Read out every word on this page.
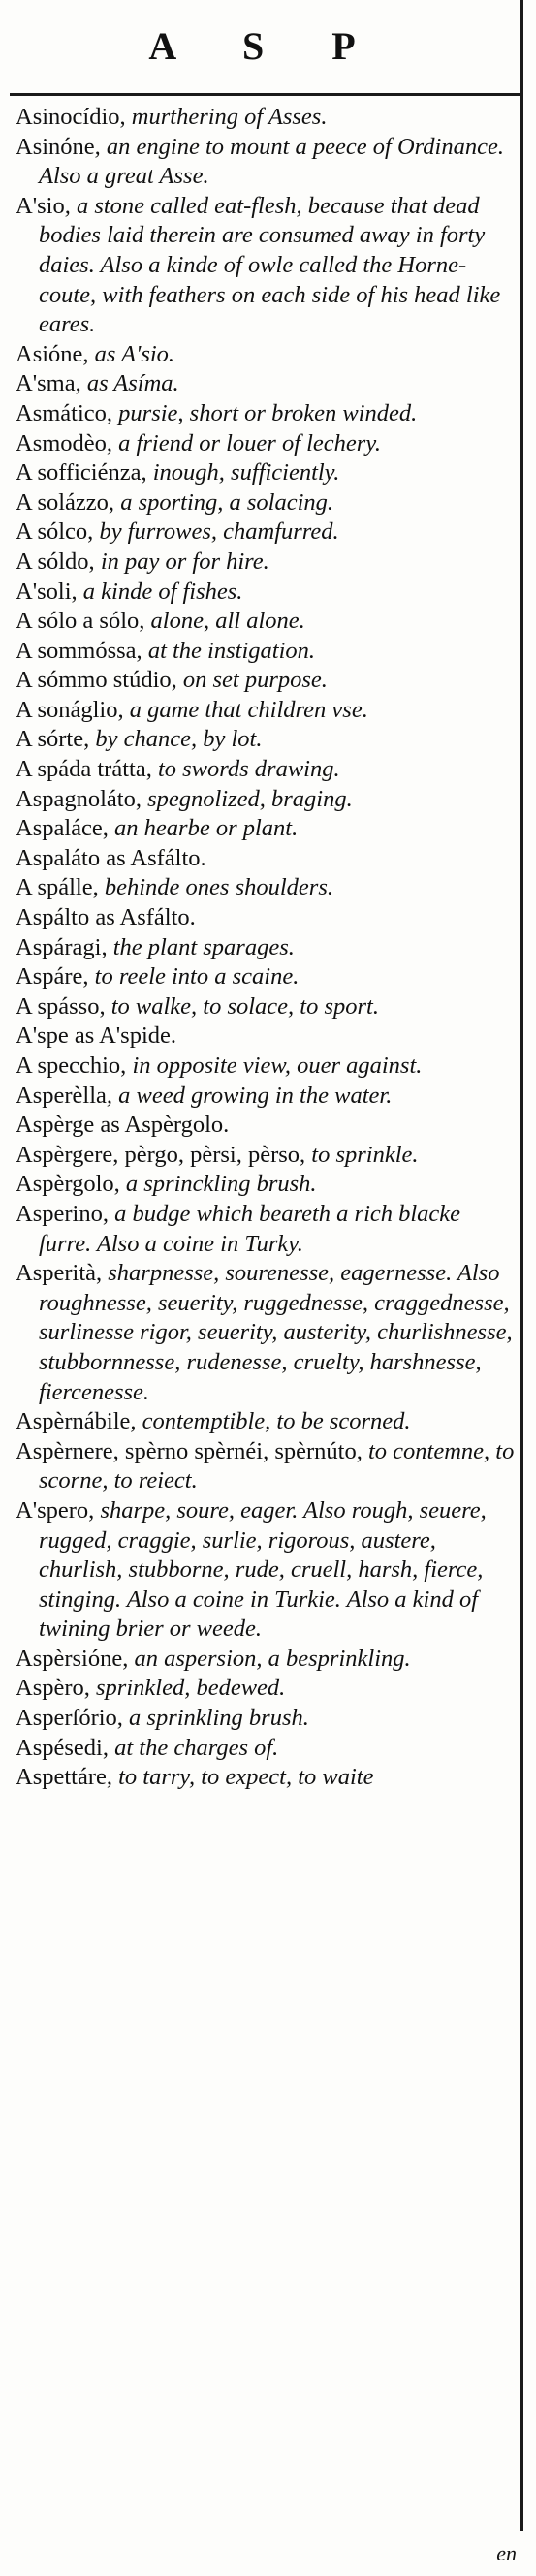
A S P
Asinocídio, murthering of Asses.
Asinóne, an engine to mount a peece of Ordinance. Also a great Asse.
A'sio, a stone called eat-flesh, because that dead bodies laid therein are consumed away in forty daies. Also a kinde of owle called the Horne-coute, with feathers on each side of his head like eares.
Asióne, as A'sio.
A'sma, as Asíma.
Asmático, pursie, short or broken winded.
Asmodèo, a friend or louer of lechery.
A sofficiénza, inough, sufficiently.
A solázzo, a sporting, a solacing.
A sólco, by furrowes, chamfurred.
A sóldo, in pay or for hire.
A'soli, a kinde of fishes.
A sólo a sólo, alone, all alone.
A sommóssa, at the instigation.
A sómmo stúdio, on set purpose.
A sonáglio, a game that children vse.
A sórte, by chance, by lot.
A spáda trátta, to swords drawing.
Aspagnoláto, spegnolized, braging.
Aspaláce, an hearbe or plant.
Aspaláto as Asfálto.
A spálle, behinde ones shoulders.
Aspálto as Asfálto.
Aspáragi, the plant sparages.
Aspáre, to reele into a scaine.
A spásso, to walke, to solace, to sport.
A'spe as A'spide.
A specchio, in opposite view, ouer against.
Asperèlla, a weed growing in the water.
Aspèrge as Aspèrgolo.
Aspèrgere, pèrgo, pèrsi, pèrso, to sprinkle.
Aspèrgolo, a sprinckling brush.
Asperino, a budge which beareth a rich blacke furre. Also a coine in Turky.
Asperità, sharpnesse, sourenesse, eagernesse. Also roughnesse, seuerity, ruggednesse, craggednesse, surlinesse rigor, seuerity, austerity, churlishnesse, stubbornnesse, rudenesse, cruelty, harshnesse, fiercenesse.
Aspèrnábile, contemptible, to be scorned.
Aspèrnere, spèrno spèrnéi, spèrnúto, to contemne, to scorne, to reiect.
A'spero, sharpe, soure, eager. Also rough, seuere, rugged, craggie, surlie, rigorous, austere, churlish, stubborne, rude, cruell, harsh, fierce, stinging. Also a coine in Turkie. Also a kind of twining brier or weede.
Aspèrsióne, an aspersion, a besprinkling.
Aspèro, sprinkled, bedewed.
Asperſório, a sprinkling brush.
Aspésedi, at the charges of.
Aspettáre, to tarry, to expect, to waite
en
